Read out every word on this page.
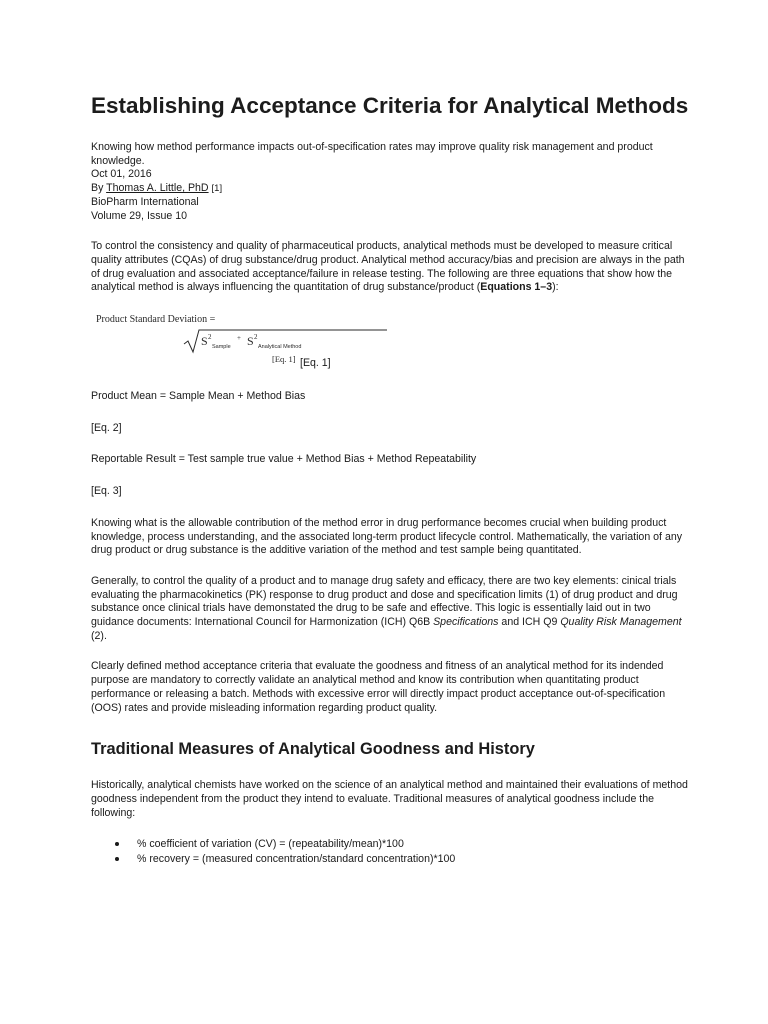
Establishing Acceptance Criteria for Analytical Methods

Knowing how method performance impacts out-of-specification rates may improve quality risk management and product knowledge.

Oct 01, 2016

By Thomas A. Little, PhD [1]

BioPharm International

Volume 29, Issue 10

To control the consistency and quality of pharmaceutical products, analytical methods must be developed to measure critical quality attributes (CQAs) of drug substance/drug product. Analytical method accuracy/bias and precision are always in the path of drug evaluation and associated acceptance/failure in release testing. The following are three equations that show how the analytical method is always influencing the quantitation of drug substance/product (Equations 1–3):

Product Standard Deviation =
S 2
Sample
+ S 2
Analytical Method
[Eq. 1] [Eq. 1]

Product Mean = Sample Mean + Method Bias

[Eq. 2]

Reportable Result = Test sample true value + Method Bias + Method Repeatability

[Eq. 3]

Knowing what is the allowable contribution of the method error in drug performance becomes crucial when building product knowledge, process understanding, and the associated long-term product lifecycle control. Mathematically, the variation of any drug product or drug substance is the additive variation of the method and test sample being quantitated.

Generally, to control the quality of a product and to manage drug safety and efficacy, there are two key elements: cinical trials evaluating the pharmacokinetics (PK) response to drug product and dose and specification limits (1) of drug product and drug substance once clinical trials have demonstated the drug to be safe and effective. This logic is essentially laid out in two guidance documents: International Council for Harmonization (ICH) Q6B Specifications and ICH Q9 Quality Risk Management
(2).

Clearly defined method acceptance criteria that evaluate the goodness and fitness of an analytical method for its indended purpose are mandatory to correctly validate an analytical method and know its contribution when quantitating product performance or releasing a batch. Methods with excessive error will directly impact product acceptance out-of-specification (OOS) rates and provide misleading information regarding product quality.

Traditional Measures of Analytical Goodness and History

Historically, analytical chemists have worked on the science of an analytical method and maintained their evaluations of method goodness independent from the product they intend to evaluate. Traditional measures of analytical goodness include the following:

% coefficient of variation (CV) = (repeatability/mean)*100
% recovery = (measured concentration/standard concentration)*100
